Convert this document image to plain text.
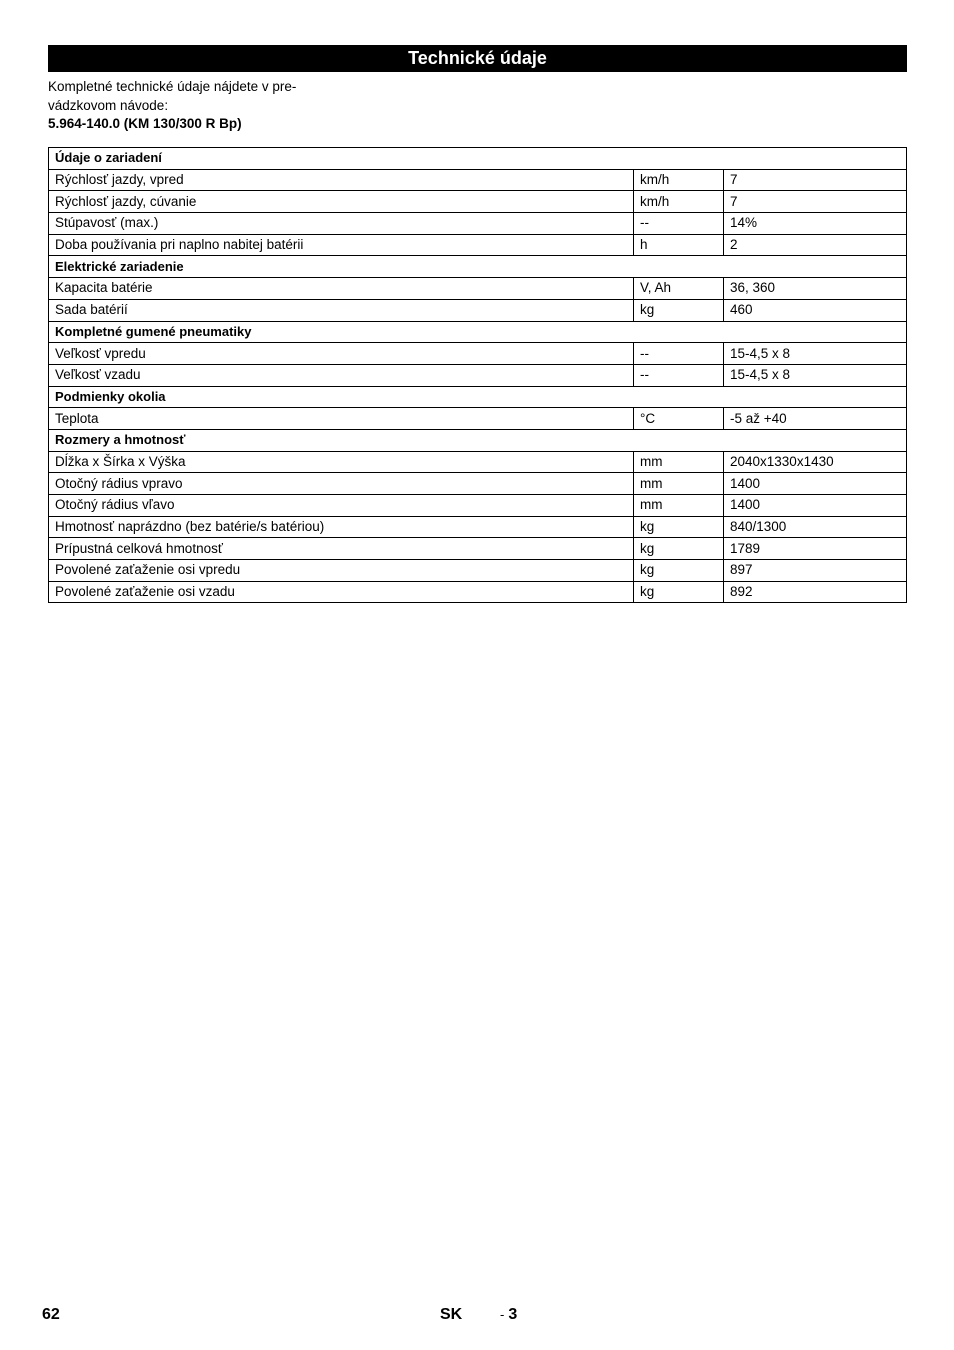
Technické údaje
Kompletné technické údaje nájdete v pre-
vádzkovom návode:
5.964-140.0 (KM 130/300 R Bp)
Údaje o zariadení		
Rýchlosť jazdy, vpred	km/h	7
Rýchlosť jazdy, cúvanie	km/h	7
Stúpavosť (max.)	--	14%
Doba používania pri naplno nabitej batérii	h	2
Elektrické zariadenie		
Kapacita batérie	V, Ah	36, 360
Sada batérií	kg	460
Kompletné gumené pneumatiky		
Veľkosť vpredu	--	15-4,5 x 8
Veľkosť vzadu	--	15-4,5 x 8
Podmienky okolia		
Teplota	°C	-5 až +40
Rozmery a hmotnosť		
Dĺžka x Šírka x Výška	mm	2040x1330x1430
Otočný rádius vpravo	mm	1400
Otočný rádius vľavo	mm	1400
Hmotnosť naprázdno (bez batérie/s batériou)	kg	840/1300
Prípustná celková hmotnosť	kg	1789
Povolené zaťaženie osi vpredu	kg	897
Povolené zaťaženie osi vzadu	kg	892
62	SK	- 3
